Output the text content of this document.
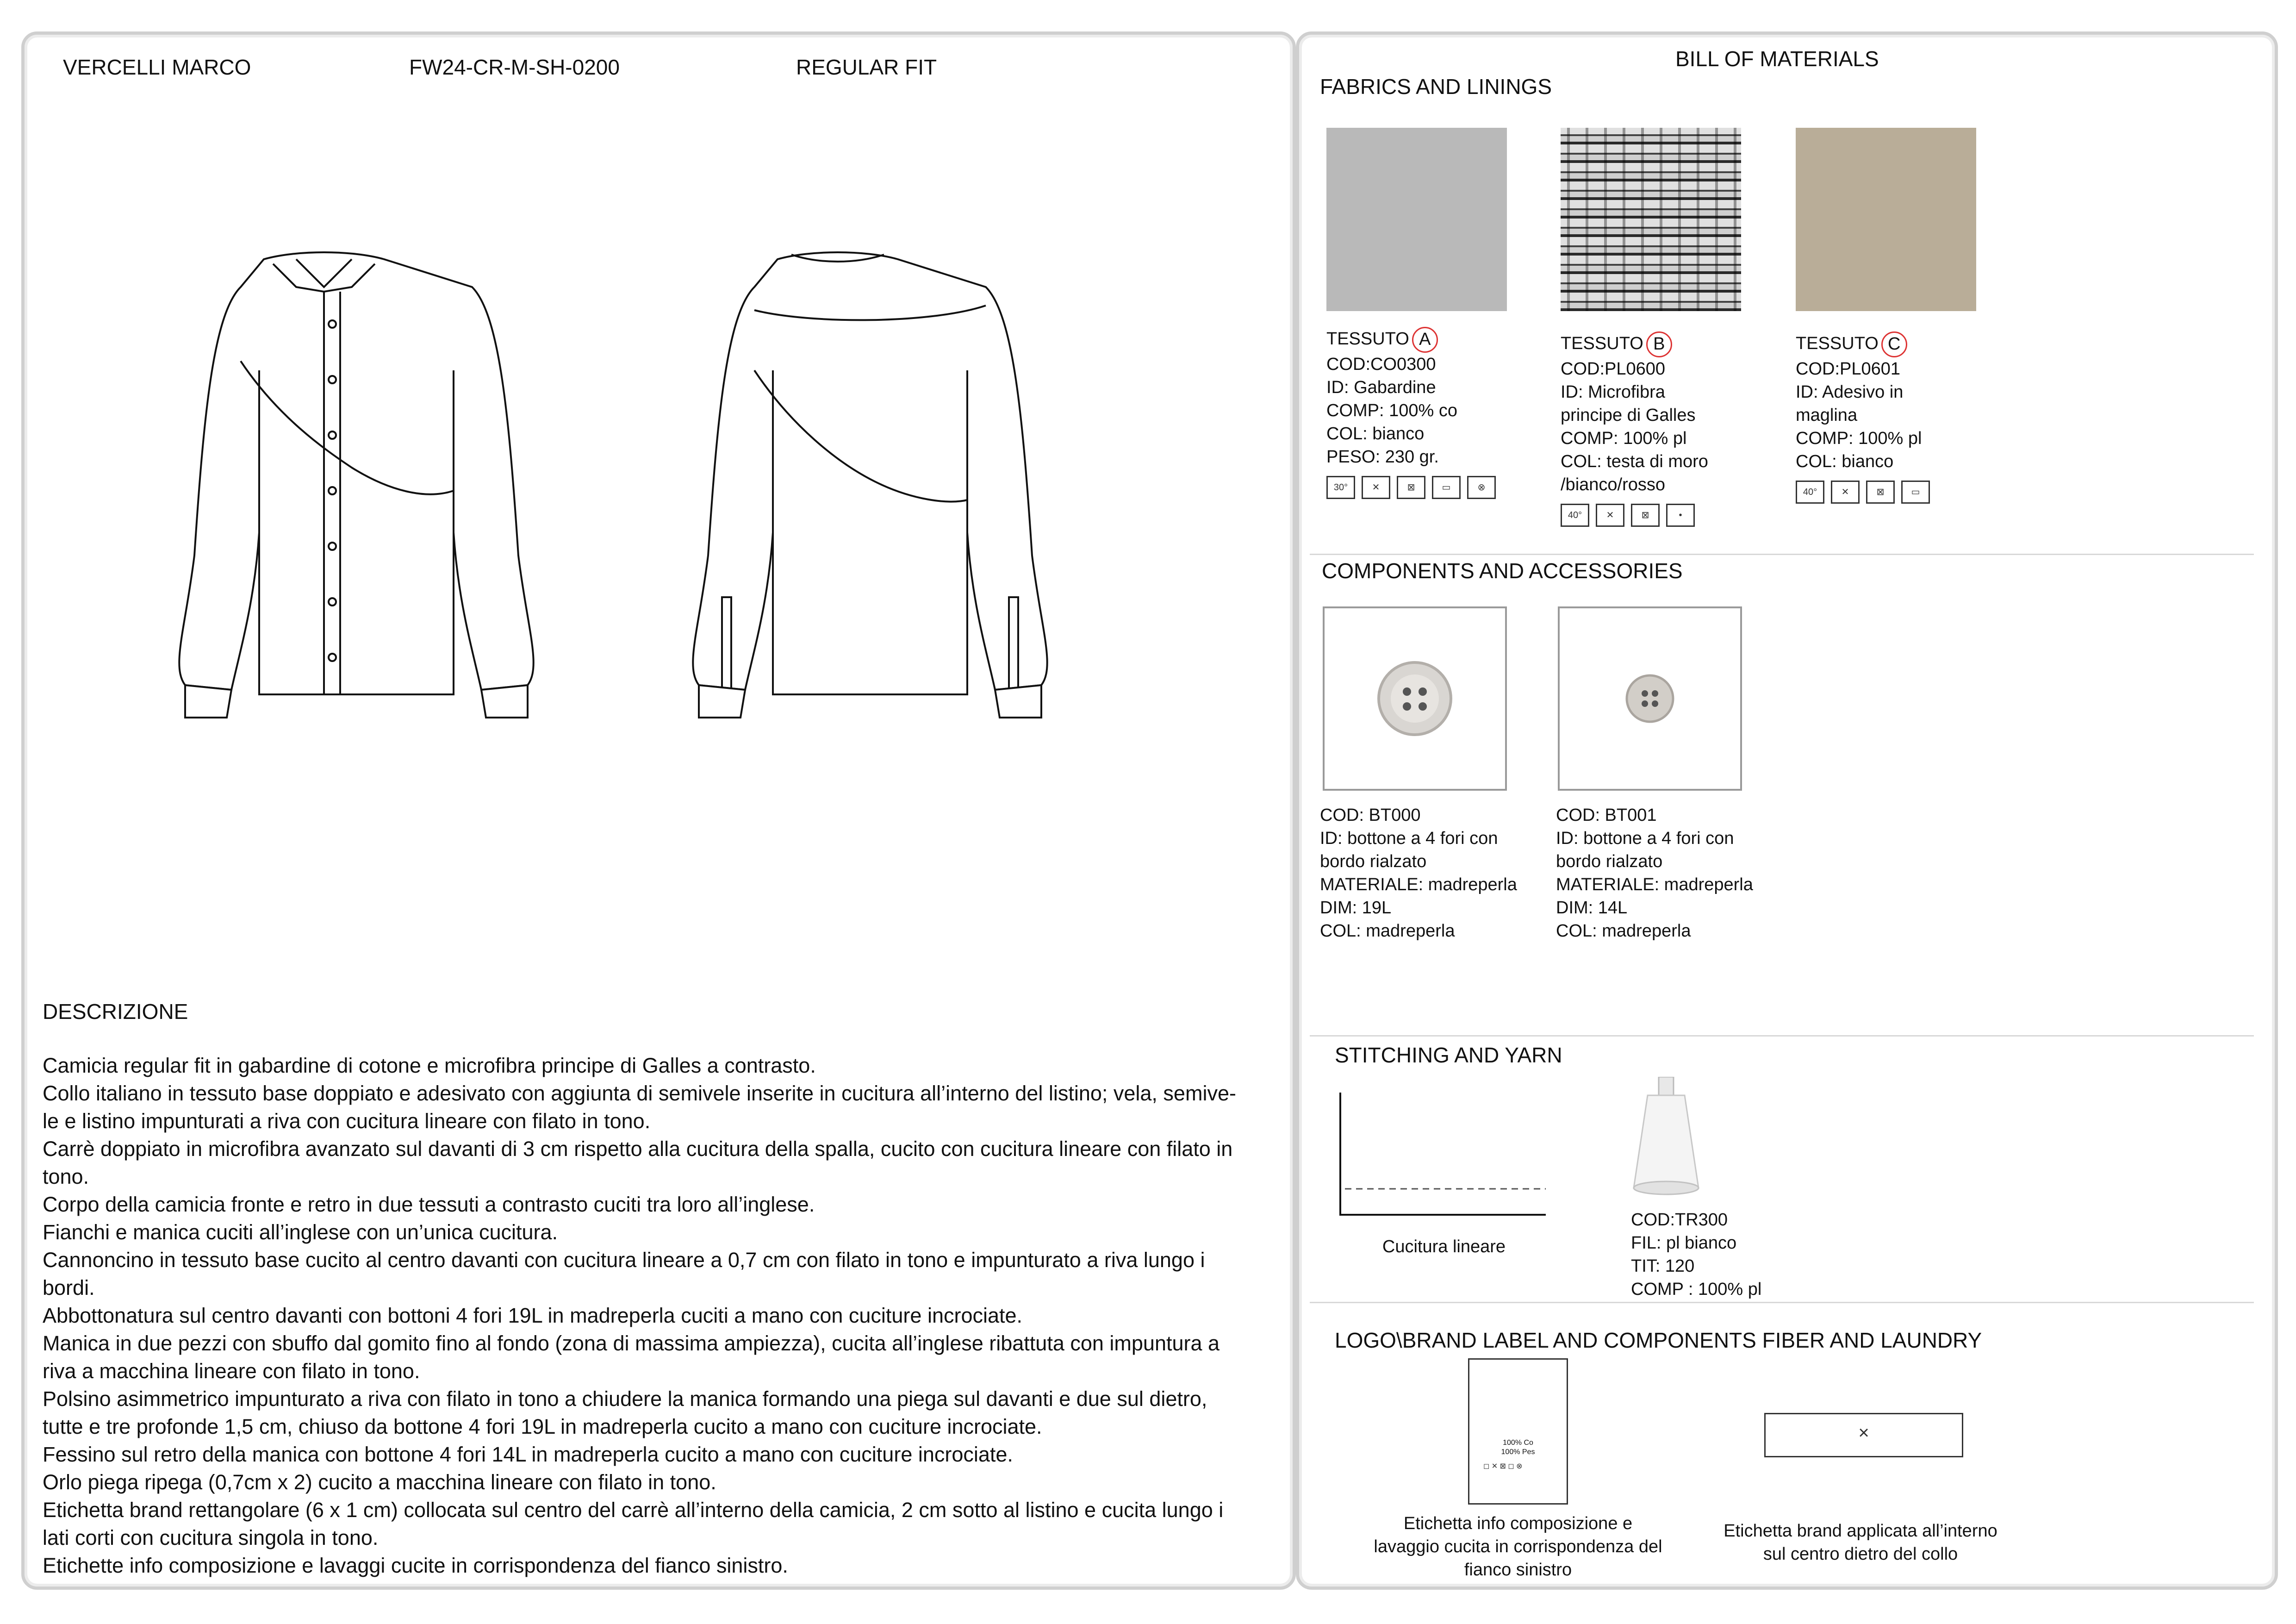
VERCELLI MARCO	FW24-CR-M-SH-0200	REGULAR FIT
DESCRIZIONE
Camicia regular fit in gabardine di cotone e microfibra principe di Galles a contrasto.
Collo italiano in tessuto base doppiato e adesivato con aggiunta di semivele inserite in cucitura all’interno del listino; vela, semive-
le e listino impunturati a riva con cucitura lineare con filato in tono.
Carrè doppiato in microfibra avanzato sul davanti di 3 cm rispetto alla cucitura della spalla, cucito con cucitura lineare con filato in
tono.
Corpo della camicia fronte e retro in due tessuti a contrasto cuciti tra loro all’inglese.
Fianchi e manica cuciti all’inglese con un’unica cucitura.
Cannoncino in tessuto base cucito al centro davanti con cucitura lineare a 0,7 cm con filato in tono e impunturato a riva lungo i
bordi.
Abbottonatura sul centro davanti con bottoni 4 fori 19L in madreperla cuciti a mano con cuciture incrociate.
Manica in due pezzi con sbuffo dal gomito fino al fondo (zona di massima ampiezza), cucita all’inglese ribattuta con impuntura a
riva a macchina lineare con filato in tono.
Polsino asimmetrico impunturato a riva con filato in tono a chiudere la manica formando una piega sul davanti e due sul dietro,
tutte e tre profonde 1,5 cm, chiuso da bottone 4 fori 19L in madreperla cucito a mano con cuciture incrociate.
Fessino sul retro della manica con bottone 4 fori 14L in madreperla cucito a mano con cuciture incrociate.
Orlo piega ripega (0,7cm x 2) cucito a macchina lineare con filato in tono.
Etichetta brand rettangolare (6 x 1 cm) collocata sul centro del carrè all’interno della camicia, 2 cm sotto al listino e cucita lungo i
lati corti con cucitura singola in tono.
Etichette info composizione e lavaggi cucite in corrispondenza del fianco sinistro.
BILL OF MATERIALS
FABRICS AND LININGS
TESSUTO A
COD:CO0300
ID: Gabardine
COMP: 100% co
COL: bianco
PESO: 230 gr.
30°	✕	⊠	▭	⊗
TESSUTO B
COD:PL0600
ID: Microfibra
principe di Galles
COMP: 100% pl
COL: testa di moro
/bianco/rosso
40°	✕	⊠	•
TESSUTO C
COD:PL0601
ID: Adesivo in
maglina
COMP: 100% pl
COL: bianco
40°	✕	⊠	▭
COMPONENTS AND ACCESSORIES
COD: BT000
ID: bottone a 4 fori con
bordo rialzato
MATERIALE: madreperla
DIM: 19L
COL: madreperla
COD: BT001
ID: bottone a 4 fori con
bordo rialzato
MATERIALE: madreperla
DIM: 14L
COL: madreperla
STITCHING AND YARN
Cucitura lineare
COD:TR300
FIL: pl bianco
TIT: 120
COMP : 100% pl
LOGO\BRAND LABEL AND COMPONENTS FIBER AND LAUNDRY
100% Co
100% Pes
◻ ✕ ⊠ ◻ ⊗
Etichetta info composizione e
lavaggio cucita in corrispondenza del
fianco sinistro
×
Etichetta brand applicata all’interno
sul centro dietro del collo
